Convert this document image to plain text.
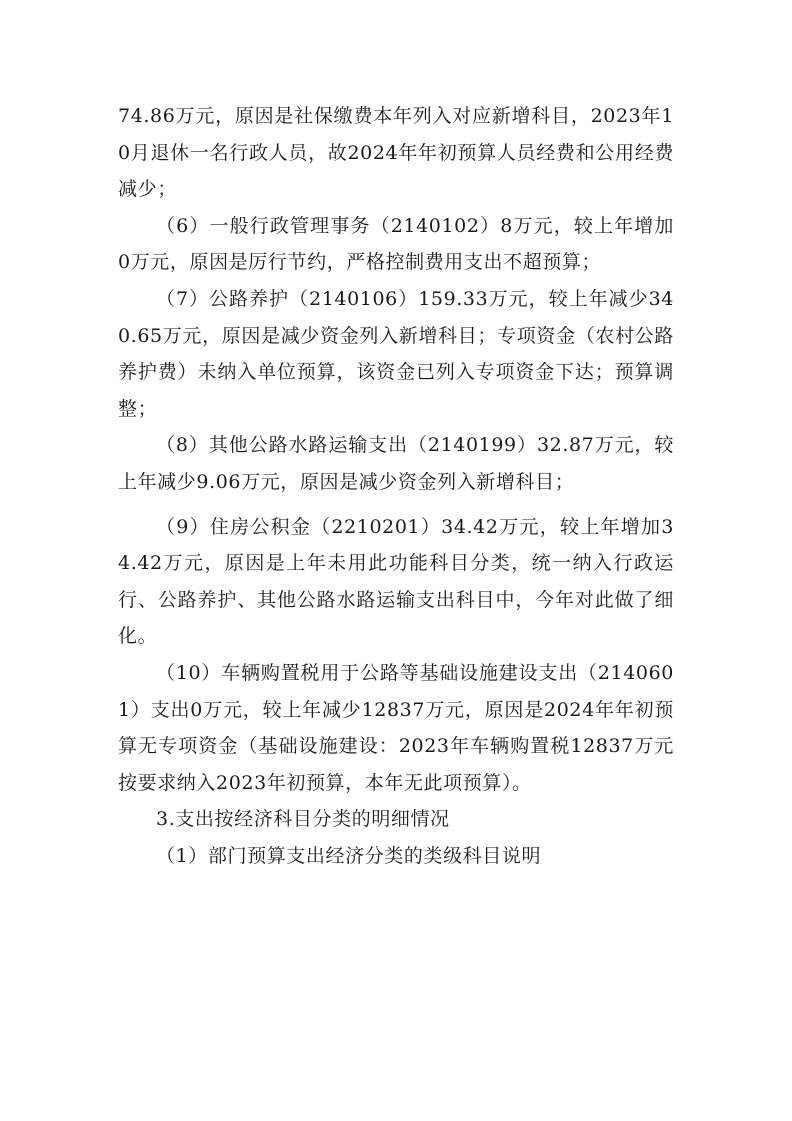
74.86万元，原因是社保缴费本年列入对应新增科目，2023年10月退休一名行政人员，故2024年年初预算人员经费和公用经费减少；

（6）一般行政管理事务（2140102）8万元，较上年增加0万元，原因是厉行节约，严格控制费用支出不超预算；

（7）公路养护（2140106）159.33万元，较上年减少340.65万元，原因是减少资金列入新增科目；专项资金（农村公路养护费）未纳入单位预算，该资金已列入专项资金下达；预算调整；

（8）其他公路水路运输支出（2140199）32.87万元，较上年减少9.06万元，原因是减少资金列入新增科目；

（9）住房公积金（2210201）34.42万元，较上年增加34.42万元，原因是上年未用此功能科目分类，统一纳入行政运行、公路养护、其他公路水路运输支出科目中，今年对此做了细化。

（10）车辆购置税用于公路等基础设施建设支出（2140601）支出0万元，较上年减少12837万元，原因是2024年年初预算无专项资金（基础设施建设：2023年车辆购置税12837万元按要求纳入2023年初预算，本年无此项预算）。

3.支出按经济科目分类的明细情况

（1）部门预算支出经济分类的类级科目说明
